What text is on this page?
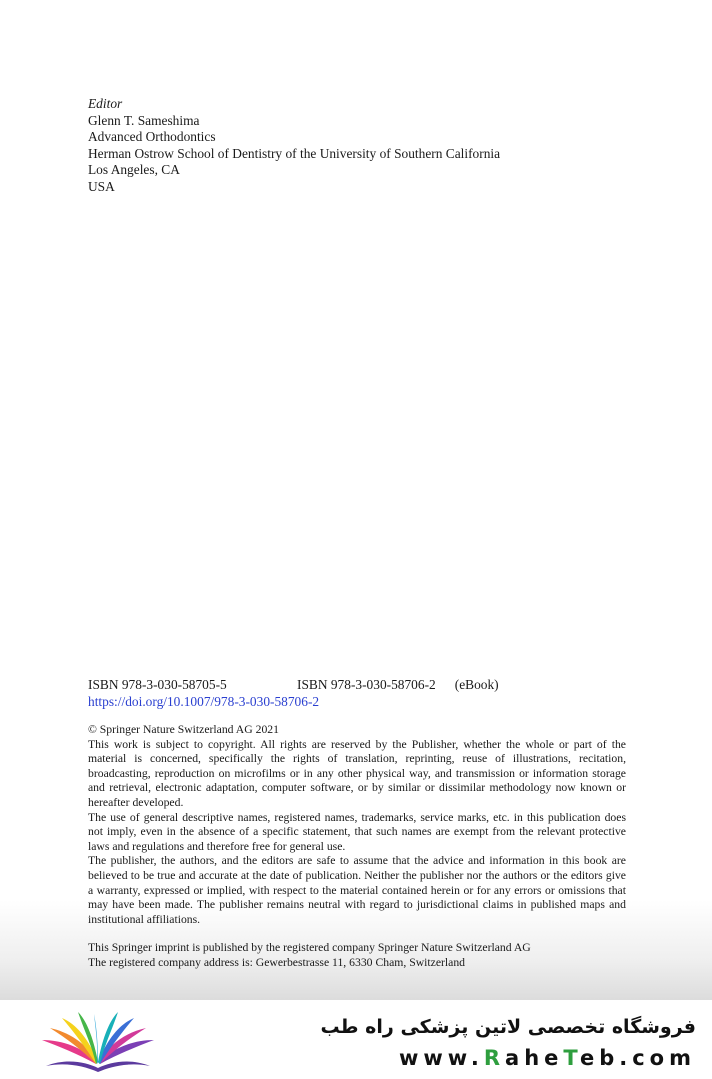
Editor
Glenn T. Sameshima
Advanced Orthodontics
Herman Ostrow School of Dentistry of the University of Southern California
Los Angeles, CA
USA
ISBN 978-3-030-58705-5	ISBN 978-3-030-58706-2 (eBook)
https://doi.org/10.1007/978-3-030-58706-2

© Springer Nature Switzerland AG 2021

This work is subject to copyright. All rights are reserved by the Publisher, whether the whole or part of the material is concerned, specifically the rights of translation, reprinting, reuse of illustrations, recitation, broadcasting, reproduction on microfilms or in any other physical way, and transmission or information storage and retrieval, electronic adaptation, computer software, or by similar or dissimilar methodology now known or hereafter developed.

The use of general descriptive names, registered names, trademarks, service marks, etc. in this publication does not imply, even in the absence of a specific statement, that such names are exempt from the relevant protective laws and regulations and therefore free for general use.

The publisher, the authors, and the editors are safe to assume that the advice and information in this book are believed to be true and accurate at the date of publication. Neither the publisher nor the authors or the editors give a warranty, expressed or implied, with respect to the material contained herein or for any errors or omissions that may have been made. The publisher remains neutral with regard to jurisdictional claims in published maps and institutional affiliations.

This Springer imprint is published by the registered company Springer Nature Switzerland AG

The registered company address is: Gewerbestrasse 11, 6330 Cham, Switzerland

فروشگاه تخصصی لاتین پزشکی راه طب
www.RaheTeb.com
